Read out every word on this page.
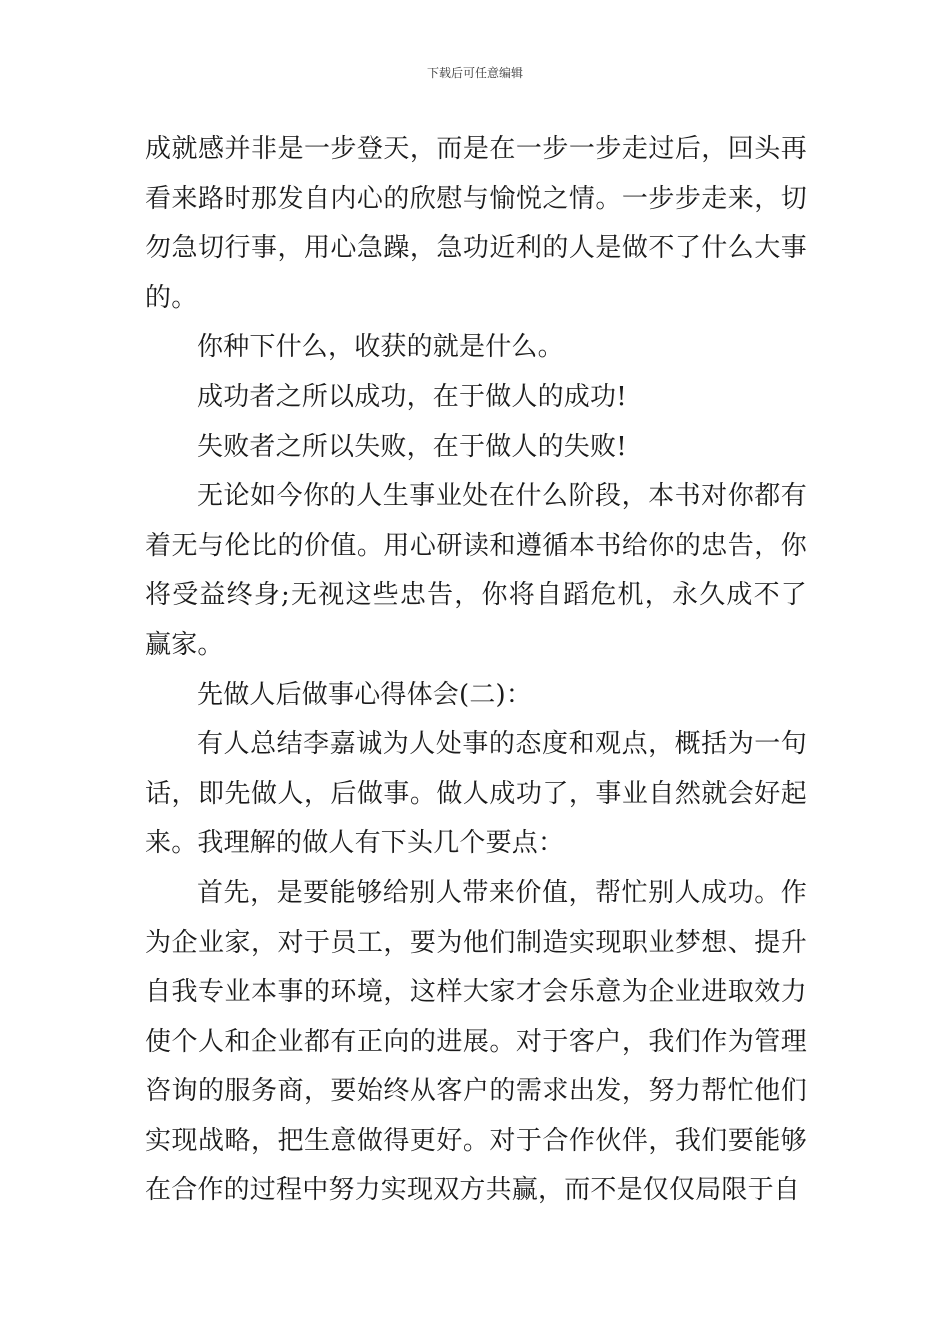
下载后可任意编辑

成就感并非是一步登天，而是在一步一步走过后，回头再看来路时那发自内心的欣慰与愉悦之情。一步步走来，切勿急切行事，用心急躁，急功近利的人是做不了什么大事的。

你种下什么，收获的就是什么。

成功者之所以成功，在于做人的成功!

失败者之所以失败，在于做人的失败!

无论如今你的人生事业处在什么阶段，本书对你都有着无与伦比的价值。用心研读和遵循本书给你的忠告，你将受益终身;无视这些忠告，你将自蹈危机，永久成不了赢家。

先做人后做事心得体会(二)：

有人总结李嘉诚为人处事的态度和观点，概括为一句话，即先做人，后做事。做人成功了，事业自然就会好起来。我理解的做人有下头几个要点：

首先，是要能够给别人带来价值，帮忙别人成功。作为企业家，对于员工，要为他们制造实现职业梦想、提升自我专业本事的环境，这样大家才会乐意为企业进取效力使个人和企业都有正向的进展。对于客户，我们作为管理咨询的服务商，要始终从客户的需求出发，努力帮忙他们实现战略，把生意做得更好。对于合作伙伴，我们要能够在合作的过程中努力实现双方共赢，而不是仅仅局限于自
